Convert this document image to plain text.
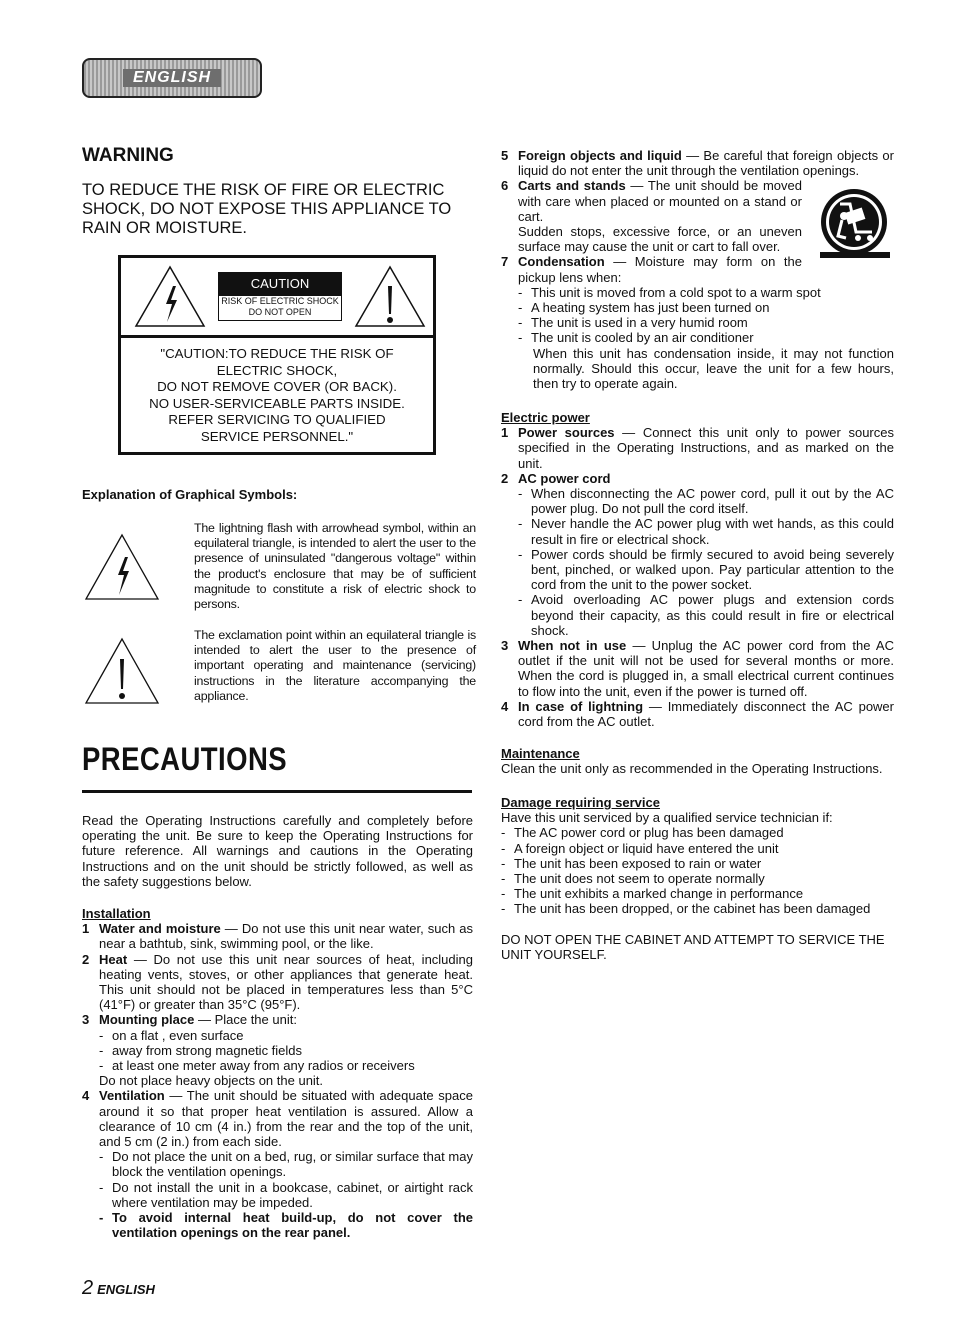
ENGLISH
WARNING
TO REDUCE THE RISK OF FIRE OR ELECTRIC SHOCK, DO NOT EXPOSE THIS APPLIANCE TO RAIN OR MOISTURE.
CAUTION
RISK OF ELECTRIC SHOCK
DO NOT OPEN
"CAUTION:TO REDUCE THE RISK OF
ELECTRIC SHOCK,
DO NOT REMOVE COVER (OR BACK).
NO USER-SERVICEABLE PARTS INSIDE.
REFER SERVICING TO QUALIFIED
SERVICE PERSONNEL."
Explanation of Graphical Symbols:
The lightning flash with arrowhead symbol, within an equilateral triangle, is intended to alert the user to the presence of uninsulated "dangerous voltage" within the product's enclosure that may be of sufficient magnitude to constitute a risk of electric shock to persons.
The exclamation point within an equilateral triangle is intended to alert the user to the presence of important operating and maintenance (servicing) instructions in the literature accompanying the appliance.
PRECAUTIONS
Read the Operating Instructions carefully and completely before operating the unit. Be sure to keep the Operating Instructions for future reference. All warnings and cautions in the Operating Instructions and on the unit should be strictly followed, as well as the safety suggestions below.
Installation
1 Water and moisture — Do not use this unit near water, such as near a bathtub, sink, swimming pool, or the like.
2 Heat — Do not use this unit near sources of heat, including heating vents, stoves, or other appliances that generate heat. This unit should not be placed in temperatures less than 5°C (41°F) or greater than 35°C (95°F).
3 Mounting place — Place the unit:
- on a flat , even surface
- away from strong magnetic fields
- at least one meter away from any radios or receivers
Do not place heavy objects on the unit.
4 Ventilation — The unit should be situated with adequate space around it so that proper heat ventilation is assured. Allow a clearance of 10 cm (4 in.) from the rear and the top of the unit, and 5 cm (2 in.) from each side.
- Do not place the unit on a bed, rug, or similar surface that may block the ventilation openings.
- Do not install the unit in a bookcase, cabinet, or airtight rack where ventilation may be impeded.
- To avoid internal heat build-up, do not cover the ventilation openings on the rear panel.
5 Foreign objects and liquid — Be careful that foreign objects or liquid do not enter the unit through the ventilation openings.
6 Carts and stands — The unit should be moved with care when placed or mounted on a stand or cart.
Sudden stops, excessive force, or an uneven surface may cause the unit or cart to fall over.
7 Condensation — Moisture may form on the pickup lens when:
- This unit is moved from a cold spot to a warm spot
- A heating system has just been turned on
- The unit is used in a very humid room
- The unit is cooled by an air conditioner
When this unit has condensation inside, it may not function normally. Should this occur, leave the unit for a few hours, then try to operate again.
Electric power
1 Power sources — Connect this unit only to power sources specified in the Operating Instructions, and as marked on the unit.
2 AC power cord
- When disconnecting the AC power cord, pull it out by the AC power plug. Do not pull the cord itself.
- Never handle the AC power plug with wet hands, as this could result in fire or electrical shock.
- Power cords should be firmly secured to avoid being severely bent, pinched, or walked upon. Pay particular attention to the cord from the unit to the power socket.
- Avoid overloading AC power plugs and extension cords beyond their capacity, as this could result in fire or electrical shock.
3 When not in use — Unplug the AC power cord from the AC outlet if the unit will not be used for several months or more. When the cord is plugged in, a small electrical current continues to flow into the unit, even if the power is turned off.
4 In case of lightning — Immediately disconnect the AC power cord from the AC outlet.
Maintenance
Clean the unit only as recommended in the Operating Instructions.
Damage requiring service
Have this unit serviced by a qualified service technician if:
- The AC power cord or plug has been damaged
- A foreign object or liquid have entered the unit
- The unit has been exposed to rain or water
- The unit does not seem to operate normally
- The unit exhibits a marked change in performance
- The unit has been dropped, or the cabinet has been damaged
DO NOT OPEN THE CABINET AND ATTEMPT TO SERVICE THE UNIT YOURSELF.
2 ENGLISH
